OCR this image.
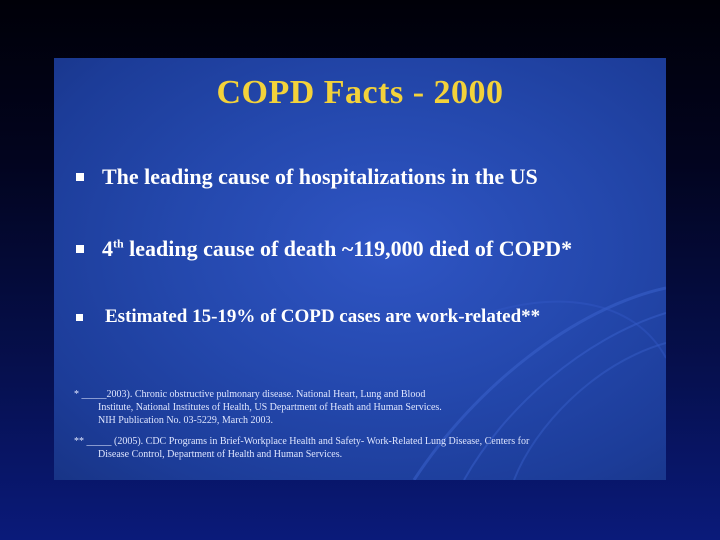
COPD Facts - 2000
The leading cause of hospitalizations in the US
4th leading cause of death ~119,000 died of COPD*
Estimated 15-19% of COPD cases are work-related**
* _____2003). Chronic obstructive pulmonary disease. National Heart, Lung and Blood
Institute, National Institutes of Health, US Department of Heath and Human Services.
NIH Publication No. 03-5229, March 2003.
** _____ (2005). CDC Programs in Brief-Workplace Health and Safety- Work-Related Lung Disease, Centers for
Disease Control, Department of Health and Human Services.
